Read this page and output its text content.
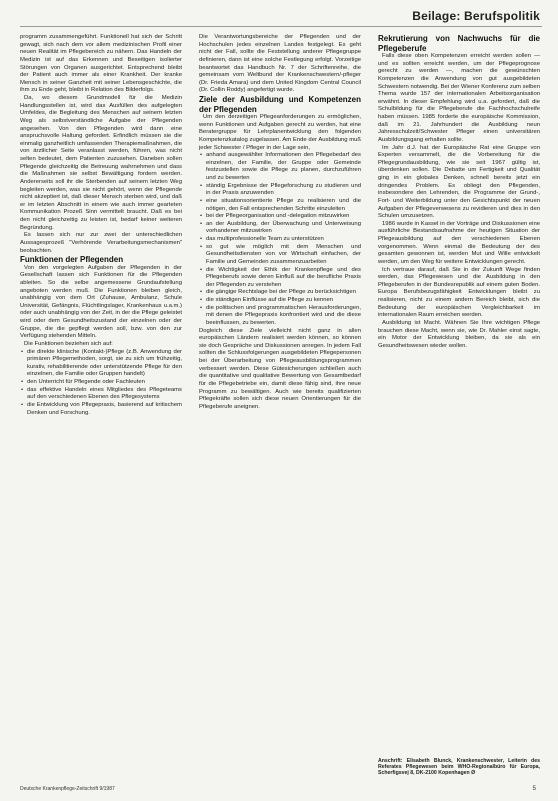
Beilage: Berufspolitik

programm zusammengeführt. Funktionell hat sich der Schritt gewagt, sich nach dem vor allem medizinischen Profil einer neuen Realität im Pflegebereich zu nähern. Das Handeln der Medizin ist auf das Erkennen und Beseitigen isolierter Störungen von Organen ausgerichtet. Entsprechend bleibt der Patient auch immer als einer Krankheit. Der kranke Mensch in seiner Ganzheit mit seiner Lebensgeschichte, die ihm zu Ende geht, bleibt in Relation des Bilderfolgs.

Da, wo diesem Grundmodell für die Medizin Handlungsstellen ist, wird das Ausfüllen des aufgelegten Umfeldes, die Begleitung des Menschen auf seinem letzten Weg als selbstverständliche Aufgabe der Pflegenden angesehen. Von den Pflegenden wird dann eine anspruchsvolle Haltung gefordert. Erfindlich müssen sie die einmalig ganzheitlich umfassenden Therapiemaßnahmen, die von ärztlicher Seite veranlasst werden, führen, was nicht selten bedeutet, dem Patienten zuzusehen. Daneben sollen Pflegende gleichzeitig die Betreuung wahrnehmen und dass die Maßnahmen sie selbst Bewältigung fordern werden. Andererseits soll ihr die Sterbenden auf seinem letzten Weg begleiten werden, was sie nicht gehört, wenn der Pflegende nicht akzeptiert ist, daß dieser Mensch sterben wird, und daß er im letzten Abschnitt in einem wie auch immer gearteten Kommunikation Prozeß Sinn vermittelt braucht. Daß es bei den nicht gleichzeitig zu leisten ist, bedarf keiner weiteren Begründung.

Es lassen sich nur zur zwei der unterschiedlichen Aussagesprozeß "Verhörende Verarbeitungsmechanismen" beobachten.

Funktionen der Pflegenden

Von den vorgelegten Aufgaben der Pflegenden in der Gesellschaft lassen sich Funktionen für die Pflegenden ableiten. So die selbe angemessene Grundaufstellung angeboten werden muß. Die Funktionen bleiben gleich, unabhängig von dem Ort (Zuhause, Ambulanz, Schule Universität, Gefängnis, Flüchtlingslager, Krankenhaus u.a.m.) oder auch unabhängig von der Zeit, in der die Pflege geleistet wird oder dem Gesundheitszustand der einzelnen oder der Gruppe, die die gepflegt werden soll, bzw. von den zur Verfügung stehenden Mitteln.

Die Funktionen beziehen sich auf:

• die direkte klinische (Kontakt-)Pflege (z.B. Anwendung der primären Pflegemethoden, sorgt, sie zu sich um frühzeitig, kurativ, rehabilitierende oder unterstützende Pflege für den einzelnen, die Familie oder Gruppen handelt)
• den Unterricht für Pflegende oder Fachleuten
• das effektive Handeln eines Mitgliedes des Pflegeteams auf den verschiedenen Ebenen des Pflegesystems
• die Entwicklung von Pflegepraxis, basierend auf kritischem Denken und Forschung.

Die Verantwortungsbereiche der Pflegenden und der Hochschulen jedes einzelnen Landes festgelegt. Es geht nicht der Fall, sollte die Feststellung anderer Pflegegruppe definieren, dann ist eine solche Festlegung erfolgt. Vorzeitige beantwortet das Handbuch Nr. 7 der Schriftenreihe, die gemeinsam vom Weltbund der Krankenschwestern/-pfleger (Dr. Frieda Amara) und dem United Kingdom Central Council (Dr. Collin Roddy) angefertigt wurde.

Ziele der Ausbildung und Kompetenzen der Pflegenden

Um den derzeitigen Pflegeanforderungen zu ermöglichen, wenn Funktionen und Aufgaben gerecht zu werden, hat eine Beratergruppe für Lehrplanentwicklung den folgenden Kompetenzkatalog zugelassen. Am Ende der Ausbildung muß jeder Schwester / Pfleger in der Lage sein,

• anhand ausgewählter Informationen den Pflegebedarf des einzelnen, der Familie, der Gruppe oder Gemeinde festzustellen sowie die Pflege zu planen, durchzuführen und zu bewerten
• ständig Ergebnisse der Pflegeforschung zu studieren und in der Praxis anzuwenden
• eine situationsorientierte Pflege zu realisieren und die nötigen, den Fall entsprechenden Schritte einzuleiten
• bei der Pflegeorganisation und -delegation mitzuwirken
• an der Ausbildung, der Überwachung und Unterweisung vorhandener mitzuwirken
• das multiprofessionelle Team zu unterstützen
• so gut wie möglich mit dem Menschen und Gesundheitsdiensten von vor Wirtschaft einfachen, der Familie und Gemeinden zusammenzuarbeiten
• die Wichtigkeit der Ethik der Krankenpflege und des Pflegeberufs sowie deren Einfluß auf die berufliche Praxis der Pflegenden zu verstehen
• die gängige Rechtslage bei der Pflege zu berücksichtigen
• die ständigen Einflüsse auf die Pflege zu kennen
• die politischen und programmatischen Herausforderungen, mit denen die Pflegepraxis konfrontiert wird und die diese beeinflussen, zu bewerten.

Dogleich diese Ziele vielleicht nicht ganz in allen europäischen Ländern realisiert werden können, so können sie doch Gespräche und Diskussionen anregen. In jedem Fall sollten die Schlussfolgerungen ausgebildeten Pflegepersonen bei der Überarbeitung von Pflegeausbildungsprogrammen verbessert werden. Diese Gütesicherungen schließen auch die quantitative und qualitative Bewertung von Gesamtbedarf für die Pflegebetriebe ein, damit diese fähig sind, ihre neue Programm zu bewältigen. Auch wie bereits qualifizierten Pflegekräfte sollen sich diese neuen Orientierungen für die Pflegeberufe aneignen.

Rekrutierung von Nachwuchs für die Pflegeberufe

Falls diese oben Kompetenzen erreicht werden sollen — und es sollten erreicht werden, um der Pflegeprognose gerecht zu werden —, machen die gewünschten Kompetenzen die Anwendung von gut ausgebildeten Schwestern notwendig. Bei der Wiener Konferenz zum selben Thema wurde 157 der internationalen Arbeitsorganisation erwähnt. In dieser Empfehlung wird u.a. gefordert, daß die Schulbildung für die Pflegeberufe die Fachhochschulreife haben müssen. 1985 forderte die europäische Kommission, daß im 21. Jahrhundert die Ausbildung neun Jahresschulzeit/Schwester Pfleger einen universitären Ausbildungsgang erhalten sollte.

Im Jahr d.J. hat der Europäische Rat eine Gruppe von Experten versammelt, die die Vorbereitung für die Pflegegrundausbildung, wie sie seit 1967 gültig ist, überdenken sollen. Die Debatte um Fertigkeit und Qualität ging in ein globales Denken, schnell bereits jetzt ein dringendes Problem. Es obliegt den Pflegenden, insbesondere den Lehrenden, die Programme der Grund-, Fort- und Weiterbildung unter den Gesichtspunkt der neuen Aufgaben der Pflegeverwesens zu revidieren und dies in den Schulen umzusetzen.

1986 wurde in Kassel in der Vorträge und Diskussionen eine ausführliche Bestandsaufnahme der heutigen Situation der Pflegeausbildung auf den verschiedenen Ebenen vorgenommen. Wenn einmal die Bedeutung der des gesamten gewonnen ist, werden Mut und Wille entwickelt werden, um den Weg für weitere Entwicklungen gerecht.

Ich vertraue darauf, daß Sie in der Zukunft Wege finden werden, das Pflegewesen und die Ausbildung in den Pflegeberufen in der Bundesrepublik auf einem guten Boden. Europa Berufsbezugsfähigkeit Entwicklungen bleibt zu realisieren, nicht zu einem andern Bereich bleibt, sich die Bedeutung der europäischen Vergleichbarkeit im internationalen Raum erreichen werden.

Ausbildung ist Macht. Wähnen Sie Ihre wichtigen Pflege brauchen diese Macht, wenn sie, wie Dr. Mahler einst sagte, ein Motor der Entwicklung bleiben, da sie als ein Gesundheitswesen wieder wollen.

Anschrift: Elisabeth Blunck, Krankenschwester, Leiterin des Referates Pflegewesen beim WHO-Regionalbüro für Europa, Scherfigsvej 8, DK-2100 Kopenhagen Ø
Deutsche Krankenpflege-Zeitschrift 9/1987	5
